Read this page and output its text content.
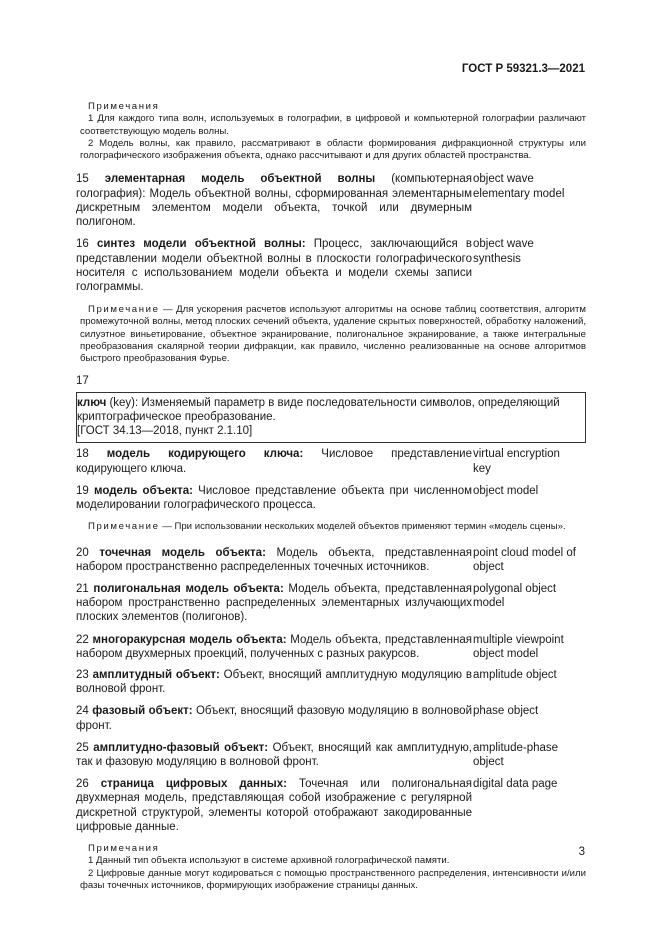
ГОСТ Р 59321.3—2021
Примечания

1 Для каждого типа волн, используемых в голографии, в цифровой и компьютерной голографии различают соответствующую модель волны.

2 Модель волны, как правило, рассматривают в области формирования дифракционной структуры или голографического изображения объекта, однако рассчитывают и для других областей пространства.

15 элементарная модель объектной волны (компьютерная голография): Модель объектной волны, сформированная элементарным дискретным элементом модели объекта, точкой или двумерным полигоном.

object wave elementary model

16 синтез модели объектной волны: Процесс, заключающийся в представлении модели объектной волны в плоскости голографического носителя с использованием модели объекта и модели схемы записи голограммы.

object wave synthesis

Примечание — Для ускорения расчетов используют алгоритмы на основе таблиц соответствия, алгоритм промежуточной волны, метод плоских сечений объекта, удаление скрытых поверхностей, обработку наложений, силуэтное виньетирование, объектное экранирование, полигональное экранирование, а также интегральные преобразования скалярной теории дифракции, как правило, численно реализованные на основе алгоритмов быстрого преобразования Фурье.

17

ключ (key): Изменяемый параметр в виде последовательности символов, определяющий криптографическое преобразование.

[ГОСТ 34.13—2018, пункт 2.1.10]

18 модель кодирующего ключа: Числовое представление кодирующего ключа.

virtual encryption key

19 модель объекта: Числовое представление объекта при численном моделировании голографического процесса.

object model

Примечание — При использовании нескольких моделей объектов применяют термин «модель сцены».

20 точечная модель объекта: Модель объекта, представленная набором пространственно распределенных точечных источников.

point cloud model of object

21 полигональная модель объекта: Модель объекта, представленная набором пространственно распределенных элементарных излучающих плоских элементов (полигонов).

polygonal object model

22 многоракурсная модель объекта: Модель объекта, представленная набором двухмерных проекций, полученных с разных ракурсов.

multiple viewpoint object model

23 амплитудный объект: Объект, вносящий амплитудную модуляцию в волновой фронт.

amplitude object

24 фазовый объект: Объект, вносящий фазовую модуляцию в волновой фронт.

phase object

25 амплитудно-фазовый объект: Объект, вносящий как амплитудную, так и фазовую модуляцию в волновой фронт.

amplitude-phase object

26 страница цифровых данных: Точечная или полигональная двухмерная модель, представляющая собой изображение с регулярной дискретной структурой, элементы которой отображают закодированные цифровые данные.

digital data page
Примечания

1 Данный тип объекта используют в системе архивной голографической памяти.

2 Цифровые данные могут кодироваться с помощью пространственного распределения, интенсивности и/или фазы точечных источников, формирующих изображение страницы данных.

3
